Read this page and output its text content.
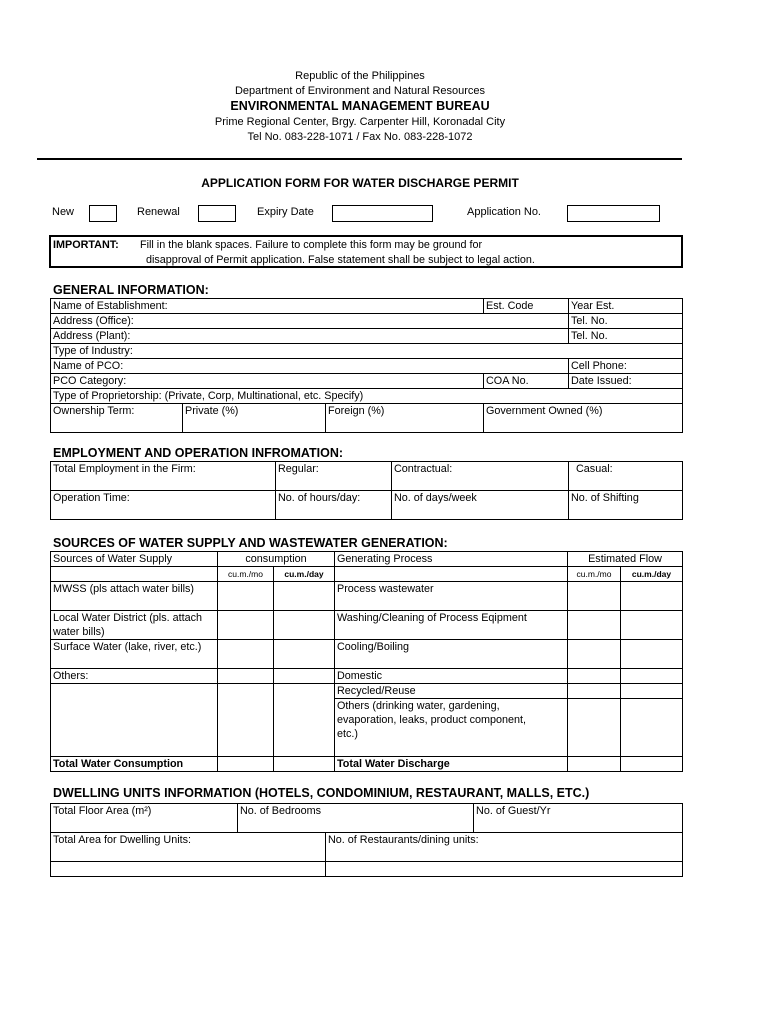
Republic of the Philippines
Department of Environment and Natural Resources
ENVIRONMENTAL MANAGEMENT BUREAU
Prime Regional Center, Brgy. Carpenter Hill, Koronadal City
Tel No. 083-228-1071 / Fax No. 083-228-1072
APPLICATION FORM FOR WATER DISCHARGE PERMIT
New	Renewal	Expiry Date	Application No.
IMPORTANT: Fill in the blank spaces. Failure to complete this form may be ground for
disapproval of Permit application. False statement shall be subject to legal action.
GENERAL INFORMATION:
Name of Establishment:			Est. Code	Year Est.
Address (Office):				Tel. No.
Address (Plant):				Tel. No.
Type of Industry:				
Name of PCO:				Cell Phone:
PCO Category:			COA No.	Date Issued:
Type of Proprietorship: (Private, Corp, Multinational, etc. Specify)				
Ownership Term:	Private (%)	Foreign (%)	Government Owned (%)	
EMPLOYMENT AND OPERATION INFROMATION:
Total Employment in the Firm:	Regular:	Contractual:	Casual:
Operation Time:	No. of hours/day:	No. of days/week	No. of Shifting
SOURCES OF WATER SUPPLY AND WASTEWATER GENERATION:
Sources of Water Supply	consumption		Generating Process	Estimated Flow	
	cu.m./mo	cu.m./day		cu.m./mo	cu.m./day
MWSS (pls attach water bills)			Process wastewater		
Local Water District (pls. attach water bills)			Washing/Cleaning of Process Eqipment		
Surface Water (lake, river, etc.)			Cooling/Boiling		
Others:			Domestic		
			Recycled/Reuse		
			Others (drinking water, gardening, evaporation, leaks, product component, etc.)		
Total Water Consumption			Total Water Discharge		
DWELLING UNITS INFORMATION (HOTELS, CONDOMINIUM, RESTAURANT, MALLS, ETC.)
Total Floor Area (m²)	No. of Bedrooms		No. of Guest/Yr
Total Area for Dwelling Units:		No. of Restaurants/dining units:	
